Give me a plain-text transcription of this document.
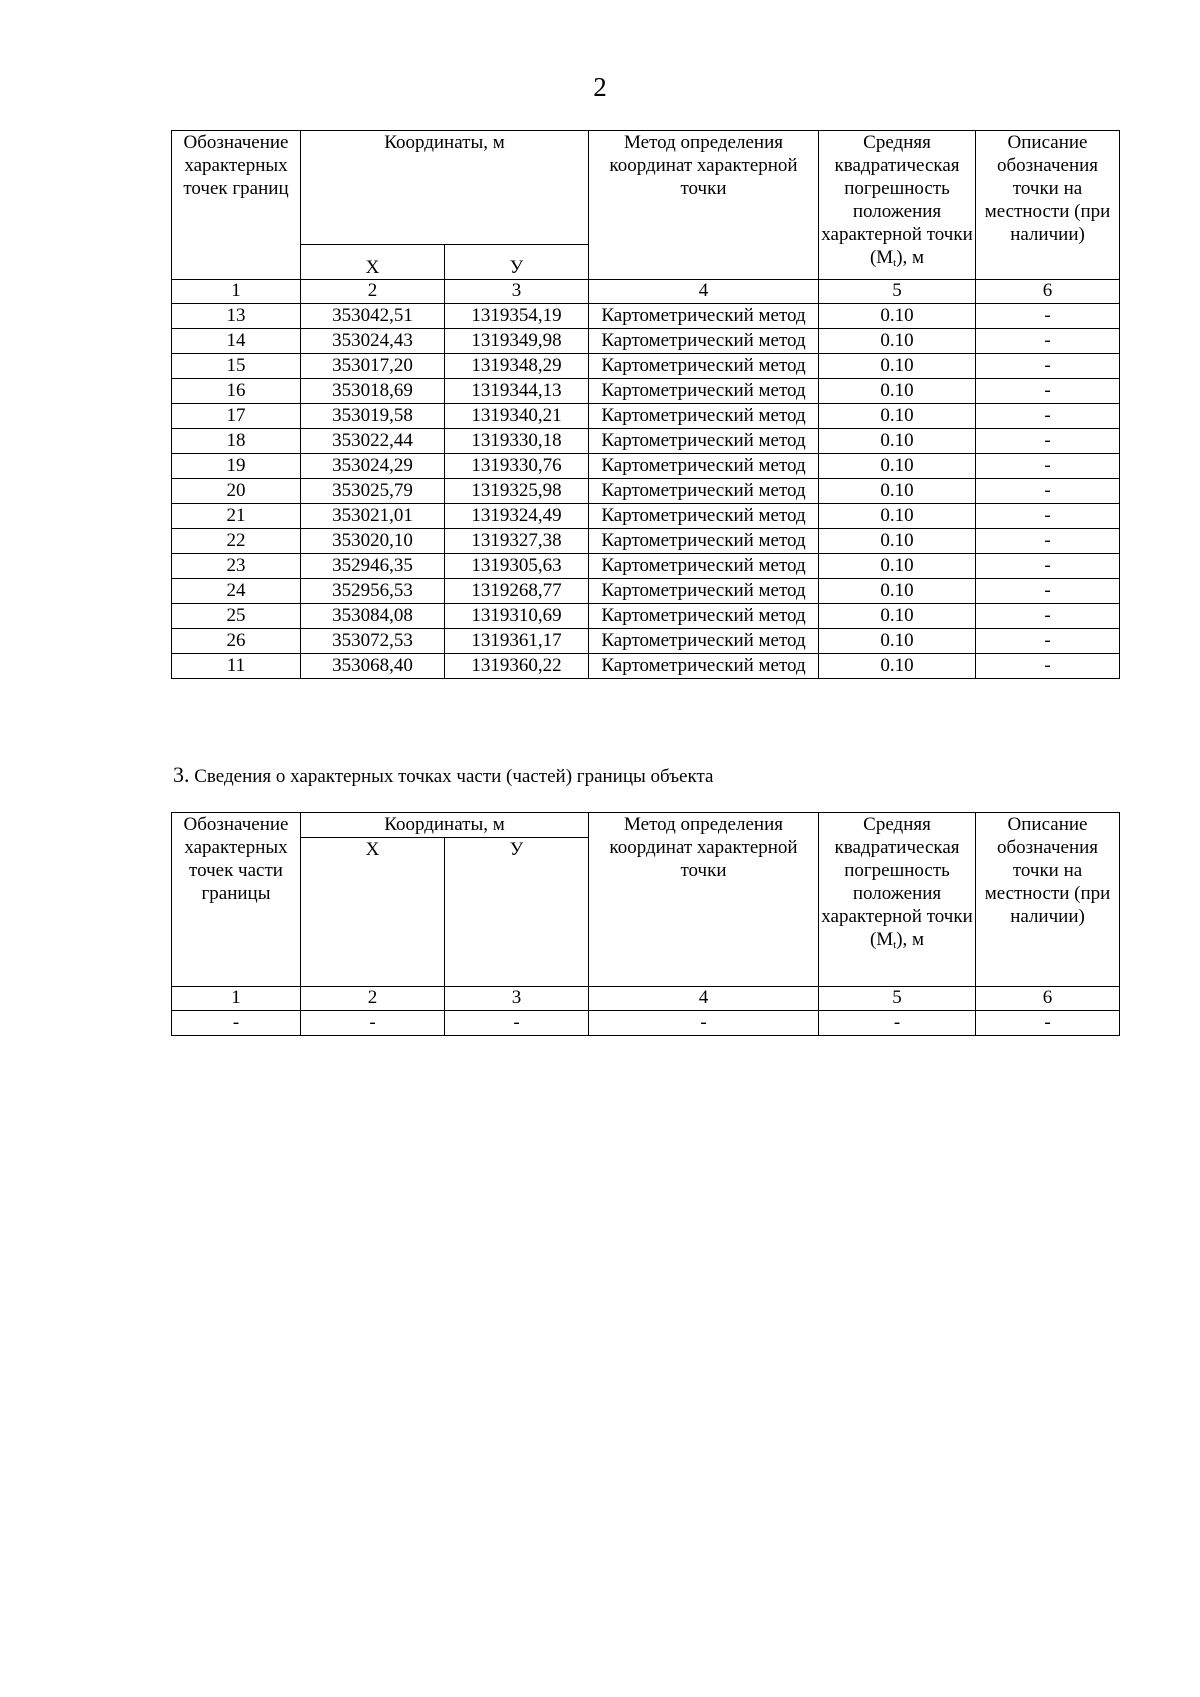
2
Обозначение характерных точек границ	Координаты, м		Метод определения координат характерной точки	Средняя квадратическая погрешность положения характерной точки $(М_t)$, м	Описание обозначения точки на местности (при наличии)
	Х	У			
1	2	3	4	5	6
13	353042,51	1319354,19	Картометрический метод	0.10	-
14	353024,43	1319349,98	Картометрический метод	0.10	-
15	353017,20	1319348,29	Картометрический метод	0.10	-
16	353018,69	1319344,13	Картометрический метод	0.10	-
17	353019,58	1319340,21	Картометрический метод	0.10	-
18	353022,44	1319330,18	Картометрический метод	0.10	-
19	353024,29	1319330,76	Картометрический метод	0.10	-
20	353025,79	1319325,98	Картометрический метод	0.10	-
21	353021,01	1319324,49	Картометрический метод	0.10	-
22	353020,10	1319327,38	Картометрический метод	0.10	-
23	352946,35	1319305,63	Картометрический метод	0.10	-
24	352956,53	1319268,77	Картометрический метод	0.10	-
25	353084,08	1319310,69	Картометрический метод	0.10	-
26	353072,53	1319361,17	Картометрический метод	0.10	-
11	353068,40	1319360,22	Картометрический метод	0.10	-
3. Сведения о характерных точках части (частей) границы объекта
Обозначение характерных точек части границы	Координаты, м		Метод определения координат характерной точки	Средняя квадратическая погрешность положения характерной точки $(М_t)$, м	Описание обозначения точки на местности (при наличии)
	Х	У			
1	2	3	4	5	6
-	-	-	-	-	-
